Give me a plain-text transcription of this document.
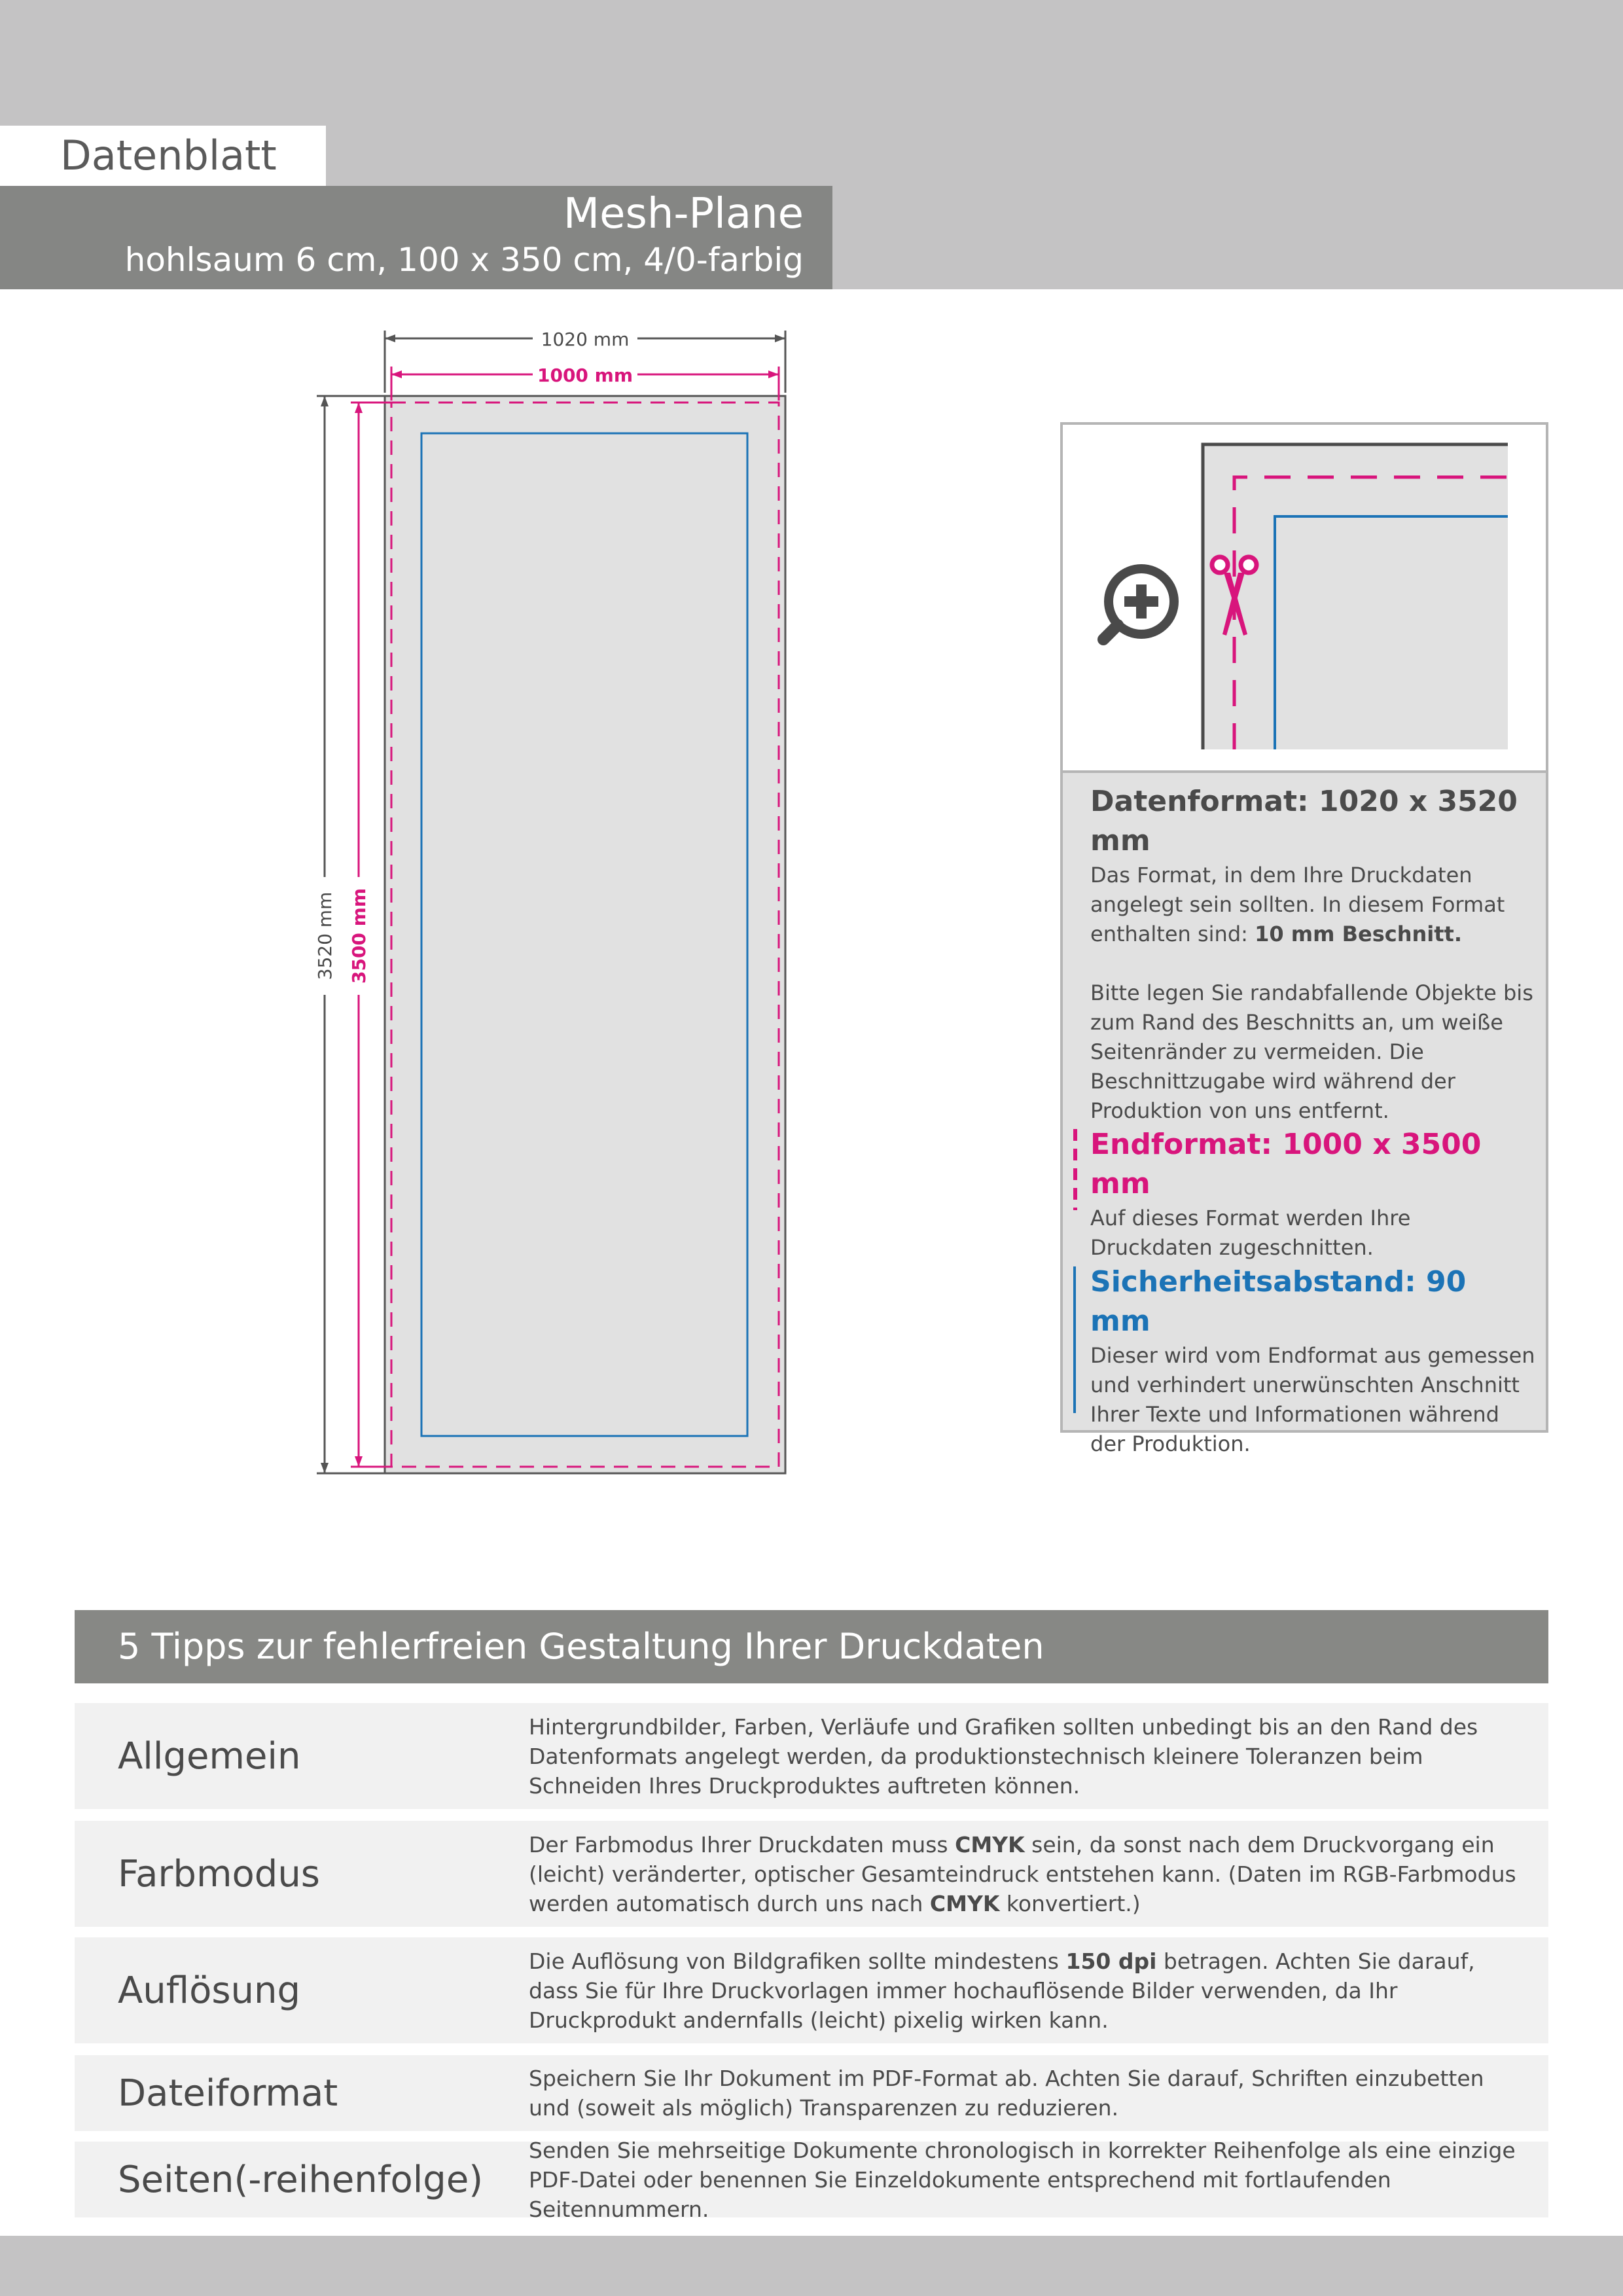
Datenblatt
Mesh-Plane
hohlsaum 6 cm, 100 x 350 cm, 4/0-farbig
1020 mm
1000 mm
3520 mm 3500 mm
Datenformat: 1020 x 3520 mm
Das Format, in dem Ihre Druckdaten angelegt sein sollten. In diesem Format enthalten sind: 10 mm Beschnitt.
Bitte legen Sie randabfallende Objekte bis zum Rand des Beschnitts an, um weiße Seitenränder zu vermeiden. Die Beschnittzugabe wird während der Produktion von uns entfernt.
Endformat: 1000 x 3500 mm
Auf dieses Format werden Ihre Druckdaten zugeschnitten.
Sicherheitsabstand: 90 mm
Dieser wird vom Endformat aus gemessen und verhindert unerwünschten Anschnitt Ihrer Texte und Informationen während der Produktion.
5 Tipps zur fehlerfreien Gestaltung Ihrer Druckdaten
Allgemein
Hintergrundbilder, Farben, Verläufe und Grafiken sollten unbedingt bis an den Rand des Datenformats angelegt werden, da produktionstechnisch kleinere Toleranzen beim Schneiden Ihres Druckproduktes auftreten können.
Farbmodus
Der Farbmodus Ihrer Druckdaten muss CMYK sein, da sonst nach dem Druckvorgang ein (leicht) veränderter, optischer Gesamteindruck entstehen kann. (Daten im RGB-Farbmodus werden automatisch durch uns nach CMYK konvertiert.)
Auflösung
Die Auflösung von Bildgrafiken sollte mindestens 150 dpi betragen. Achten Sie darauf, dass Sie für Ihre Druckvorlagen immer hochauflösende Bilder verwenden, da Ihr Druckprodukt andernfalls (leicht) pixelig wirken kann.
Dateiformat	Speichern Sie Ihr Dokument im PDF-Format ab. Achten Sie darauf, Schriften einzubetten und (soweit als möglich) Transparenzen zu reduzieren.
Seiten(-reihenfolge)
Senden Sie mehrseitige Dokumente chronologisch in korrekter Reihenfolge als eine einzige PDF-Datei oder benennen Sie Einzeldokumente entsprechend mit fortlaufenden Seitennummern.
